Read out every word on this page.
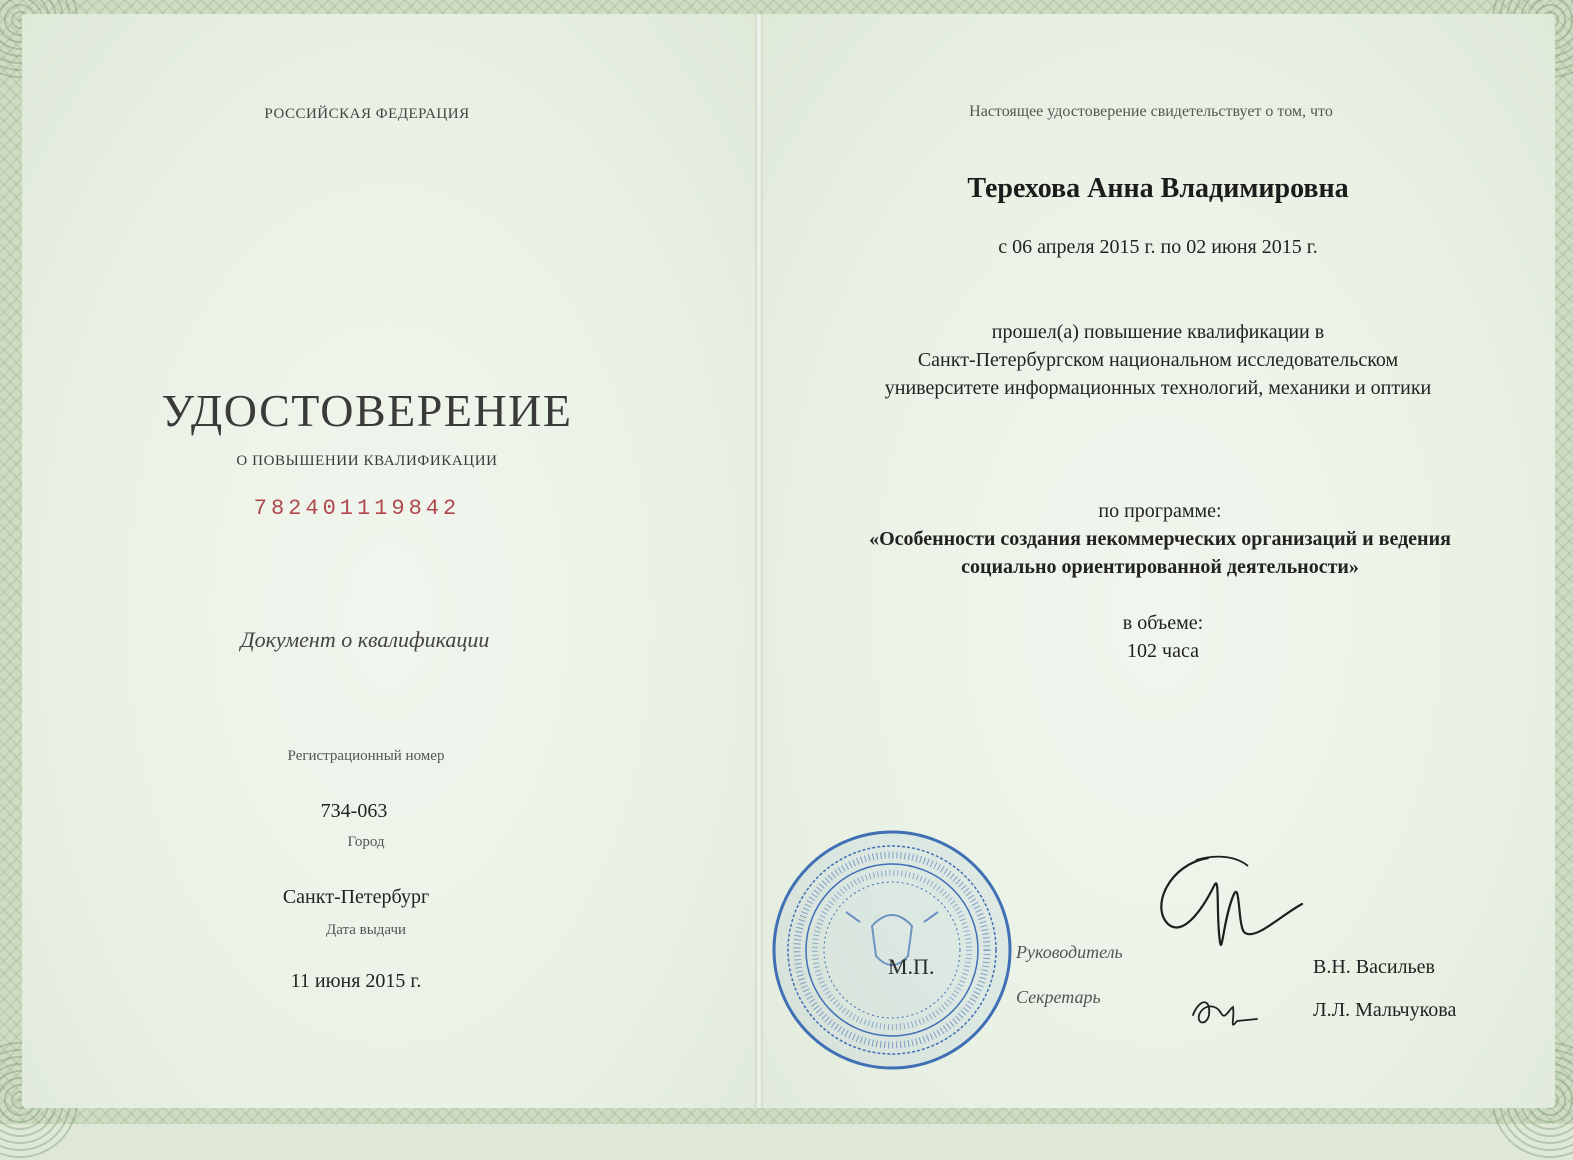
РОССИЙСКАЯ ФЕДЕРАЦИЯ
УДОСТОВЕРЕНИЕ
О ПОВЫШЕНИИ КВАЛИФИКАЦИИ
782401119842
Документ о квалификации
Регистрационный номер
734-063
Город
Санкт-Петербург
Дата выдачи
11 июня 2015 г.
Настоящее удостоверение свидетельствует о том, что
Терехова Анна Владимировна
с 06 апреля 2015 г. по 02 июня 2015 г.
прошел(а) повышение квалификации в
Санкт-Петербургском национальном исследовательском
университете информационных технологий, механики и оптики
по программе:
«Особенности создания некоммерческих организаций и ведения
социально ориентированной деятельности»
в объеме:
102 часа
М.П.
Руководитель
Секретарь
В.Н. Васильев
Л.Л. Мальчукова
